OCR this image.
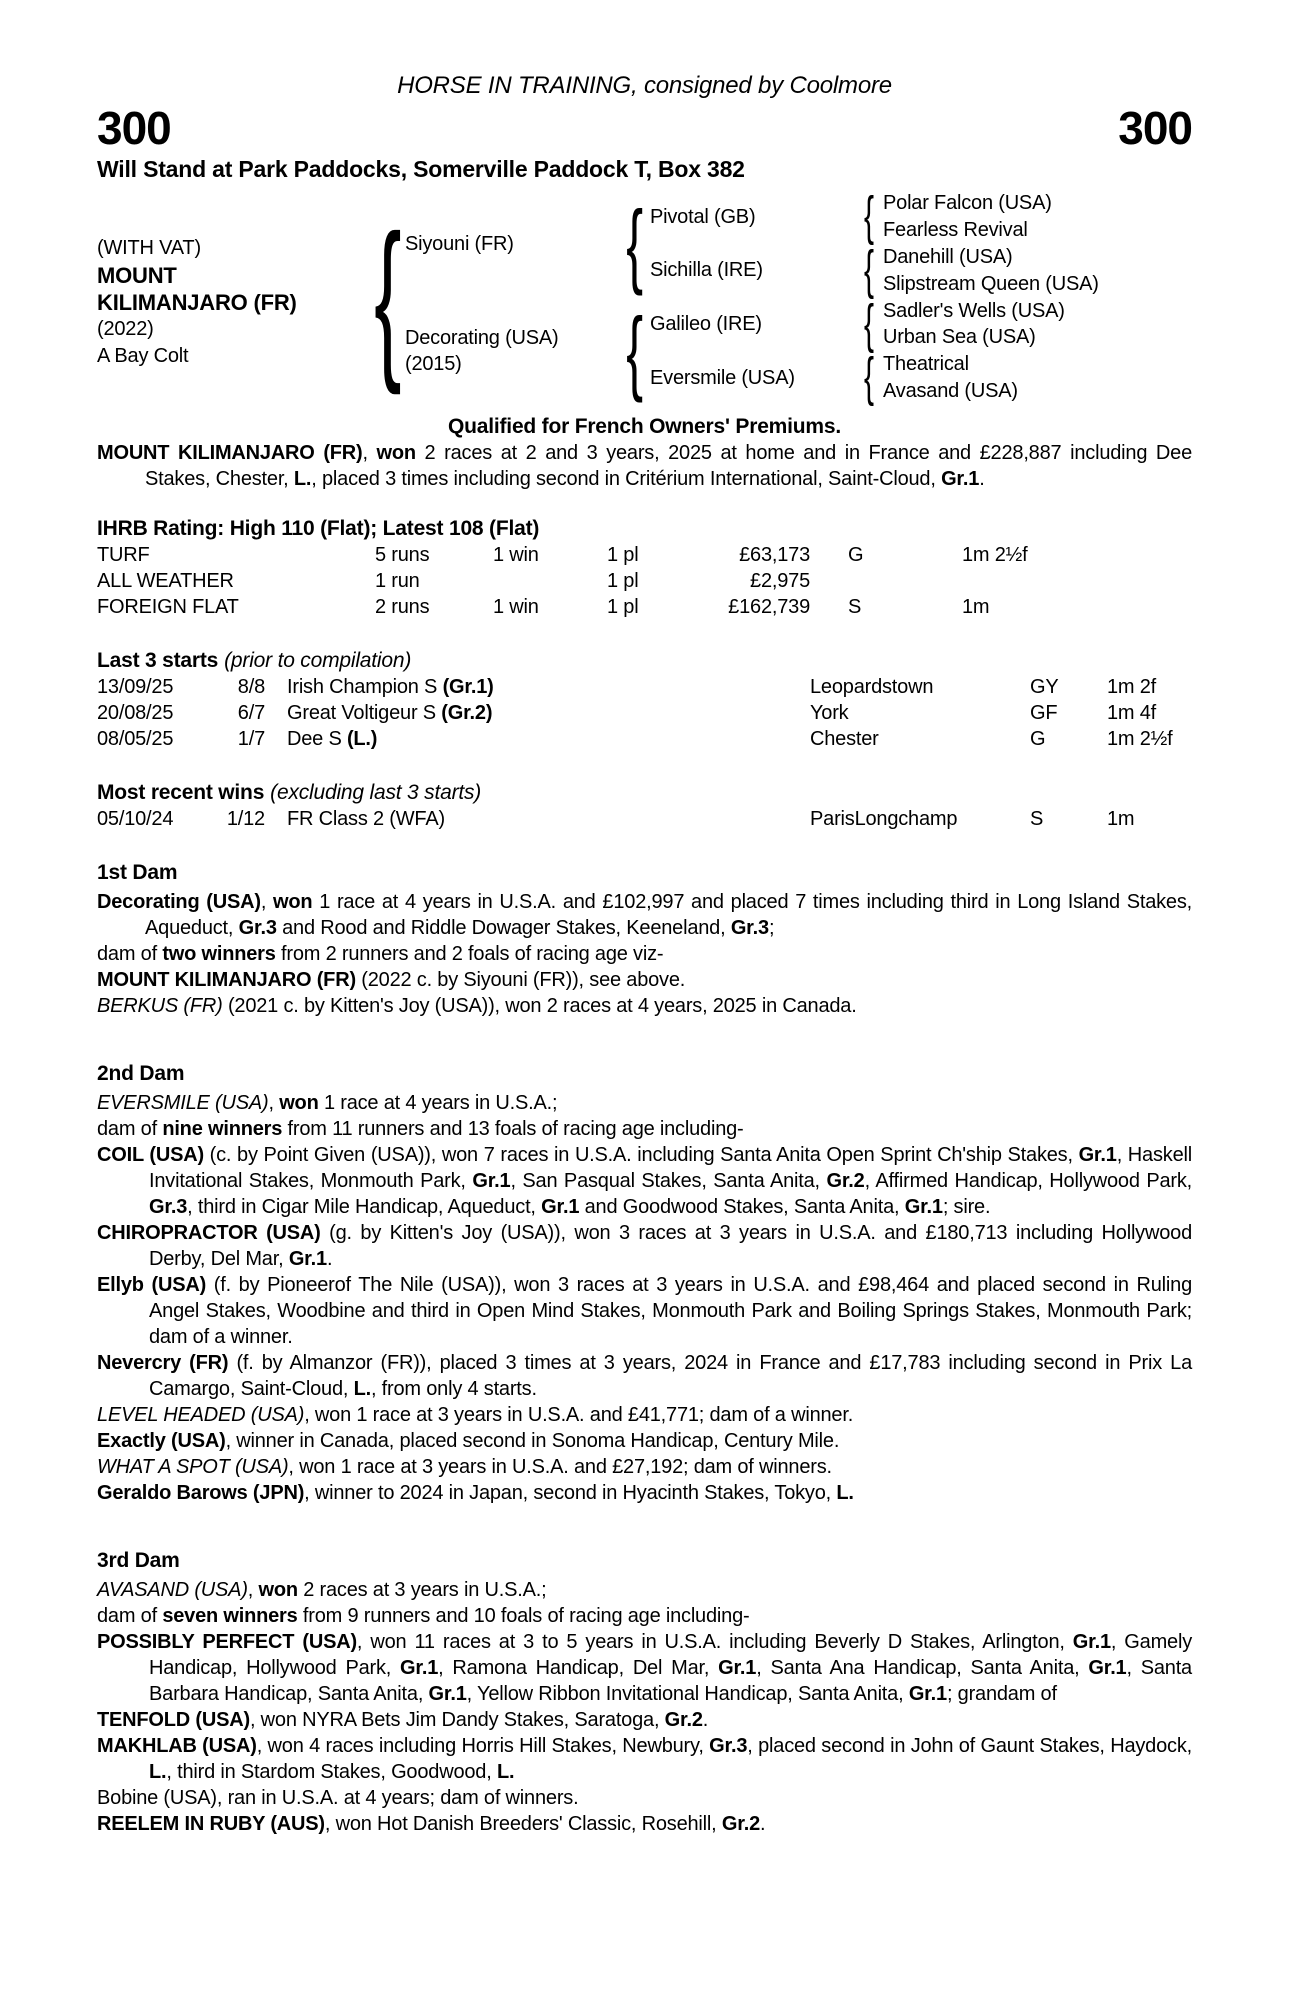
HORSE IN TRAINING, consigned by Coolmore
300	300
Will Stand at Park Paddocks, Somerville Paddock T, Box 382
(WITH VAT)
MOUNT
KILIMANJARO (FR)
(2022)
A Bay Colt { Siyouni (FR)
Decorating (USA)
(2015)
{
{
Pivotal (GB)
Sichilla (IRE)
Galileo (IRE)
Eversmile (USA)
{
{
{
{
Polar Falcon (USA)
Fearless Revival
Danehill (USA)
Slipstream Queen (USA)
Sadler's Wells (USA)
Urban Sea (USA)
Theatrical
Avasand (USA)
Qualified for French Owners' Premiums.

MOUNT KILIMANJARO (FR), won 2 races at 2 and 3 years, 2025 at home and in France and £228,887 including Dee Stakes, Chester, L., placed 3 times including second in Critérium International, Saint-Cloud, Gr.1.

IHRB Rating: High 110 (Flat); Latest 108 (Flat)
TURF	5 runs	1 win	1 pl	£63,173	G	1m 2½f
ALL WEATHER	1 run	1 pl	£2,975
FOREIGN FLAT	2 runs	1 win	1 pl	£162,739	S	1m
Last 3 starts (prior to compilation)
13/09/25	8/8	Irish Champion S (Gr.1)	Leopardstown	GY	1m 2f
20/08/25	6/7	Great Voltigeur S (Gr.2)	York	GF	1m 4f
08/05/25	1/7	Dee S (L.)	Chester	G	1m 2½f
Most recent wins (excluding last 3 starts)
05/10/24	1/12	FR Class 2 (WFA)	ParisLongchamp	S	1m
1st Dam

Decorating (USA), won 1 race at 4 years in U.S.A. and £102,997 and placed 7 times including third in Long Island Stakes, Aqueduct, Gr.3 and Rood and Riddle Dowager Stakes, Keeneland, Gr.3;

dam of two winners from 2 runners and 2 foals of racing age viz-

MOUNT KILIMANJARO (FR) (2022 c. by Siyouni (FR)), see above.

BERKUS (FR) (2021 c. by Kitten's Joy (USA)), won 2 races at 4 years, 2025 in Canada.

2nd Dam

EVERSMILE (USA), won 1 race at 4 years in U.S.A.;

dam of nine winners from 11 runners and 13 foals of racing age including-

COIL (USA) (c. by Point Given (USA)), won 7 races in U.S.A. including Santa Anita Open Sprint Ch'ship Stakes, Gr.1, Haskell Invitational Stakes, Monmouth Park, Gr.1, San Pasqual Stakes, Santa Anita, Gr.2, Affirmed Handicap, Hollywood Park, Gr.3, third in Cigar Mile Handicap, Aqueduct, Gr.1 and Goodwood Stakes, Santa Anita, Gr.1; sire.

CHIROPRACTOR (USA) (g. by Kitten's Joy (USA)), won 3 races at 3 years in U.S.A. and £180,713 including Hollywood Derby, Del Mar, Gr.1.

Ellyb (USA) (f. by Pioneerof The Nile (USA)), won 3 races at 3 years in U.S.A. and £98,464 and placed second in Ruling Angel Stakes, Woodbine and third in Open Mind Stakes, Monmouth Park and Boiling Springs Stakes, Monmouth Park; dam of a winner.

Nevercry (FR) (f. by Almanzor (FR)), placed 3 times at 3 years, 2024 in France and £17,783 including second in Prix La Camargo, Saint-Cloud, L., from only 4 starts.

LEVEL HEADED (USA), won 1 race at 3 years in U.S.A. and £41,771; dam of a winner.

Exactly (USA), winner in Canada, placed second in Sonoma Handicap, Century Mile.

WHAT A SPOT (USA), won 1 race at 3 years in U.S.A. and £27,192; dam of winners.

Geraldo Barows (JPN), winner to 2024 in Japan, second in Hyacinth Stakes, Tokyo, L.

3rd Dam

AVASAND (USA), won 2 races at 3 years in U.S.A.;

dam of seven winners from 9 runners and 10 foals of racing age including-

POSSIBLY PERFECT (USA), won 11 races at 3 to 5 years in U.S.A. including Beverly D Stakes, Arlington, Gr.1, Gamely Handicap, Hollywood Park, Gr.1, Ramona Handicap, Del Mar, Gr.1, Santa Ana Handicap, Santa Anita, Gr.1, Santa Barbara Handicap, Santa Anita, Gr.1, Yellow Ribbon Invitational Handicap, Santa Anita, Gr.1; grandam of

TENFOLD (USA), won NYRA Bets Jim Dandy Stakes, Saratoga, Gr.2.

MAKHLAB (USA), won 4 races including Horris Hill Stakes, Newbury, Gr.3, placed second in John of Gaunt Stakes, Haydock, L., third in Stardom Stakes, Goodwood, L.

Bobine (USA), ran in U.S.A. at 4 years; dam of winners.

REELEM IN RUBY (AUS), won Hot Danish Breeders' Classic, Rosehill, Gr.2.
